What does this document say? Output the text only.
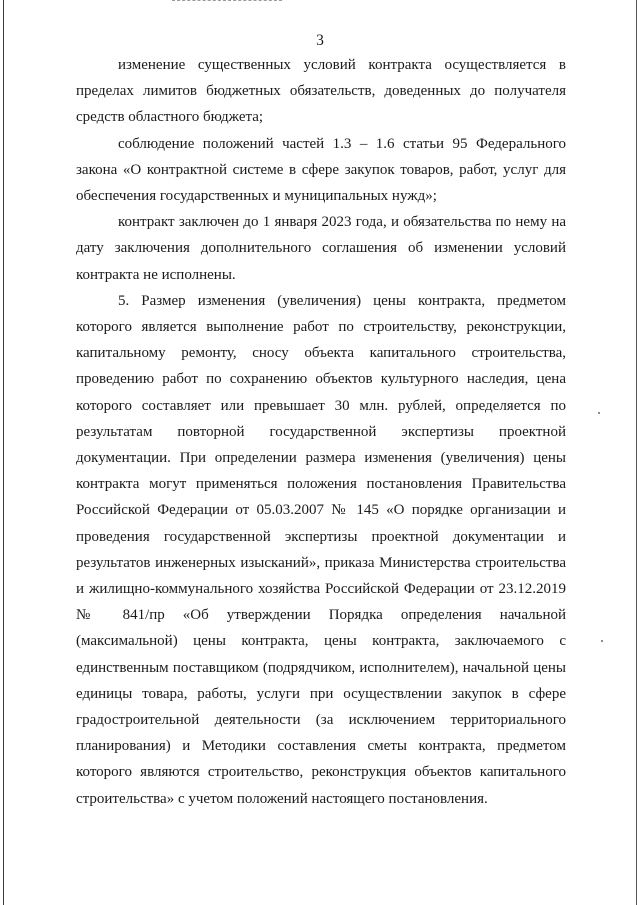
3

изменение существенных условий контракта осуществляется в пределах лимитов бюджетных обязательств, доведенных до получателя средств областного бюджета;

соблюдение положений частей 1.3 – 1.6 статьи 95 Федерального закона «О контрактной системе в сфере закупок товаров, работ, услуг для обеспечения государственных и муниципальных нужд»;

контракт заключен до 1 января 2023 года, и обязательства по нему на дату заключения дополнительного соглашения об изменении условий контракта не исполнены.

5. Размер изменения (увеличения) цены контракта, предметом которого является выполнение работ по строительству, реконструкции, капитальному ремонту, сносу объекта капитального строительства, проведению работ по сохранению объектов культурного наследия, цена которого составляет или превышает 30 млн. рублей, определяется по результатам повторной государственной экспертизы проектной документации. При определении размера изменения (увеличения) цены контракта могут применяться положения постановления Правительства Российской Федерации от 05.03.2007 № 145 «О порядке организации и проведения государственной экспертизы проектной документации и результатов инженерных изысканий», приказа Министерства строительства и жилищно-коммунального хозяйства Российской Федерации от 23.12.2019 № 841/пр «Об утверждении Порядка определения начальной (максимальной) цены контракта, цены контракта, заключаемого с единственным поставщиком (подрядчиком, исполнителем), начальной цены единицы товара, работы, услуги при осуществлении закупок в сфере градостроительной деятельности (за исключением территориального планирования) и Методики составления сметы контракта, предметом которого являются строительство, реконструкция объектов капитального строительства» с учетом положений настоящего постановления.
